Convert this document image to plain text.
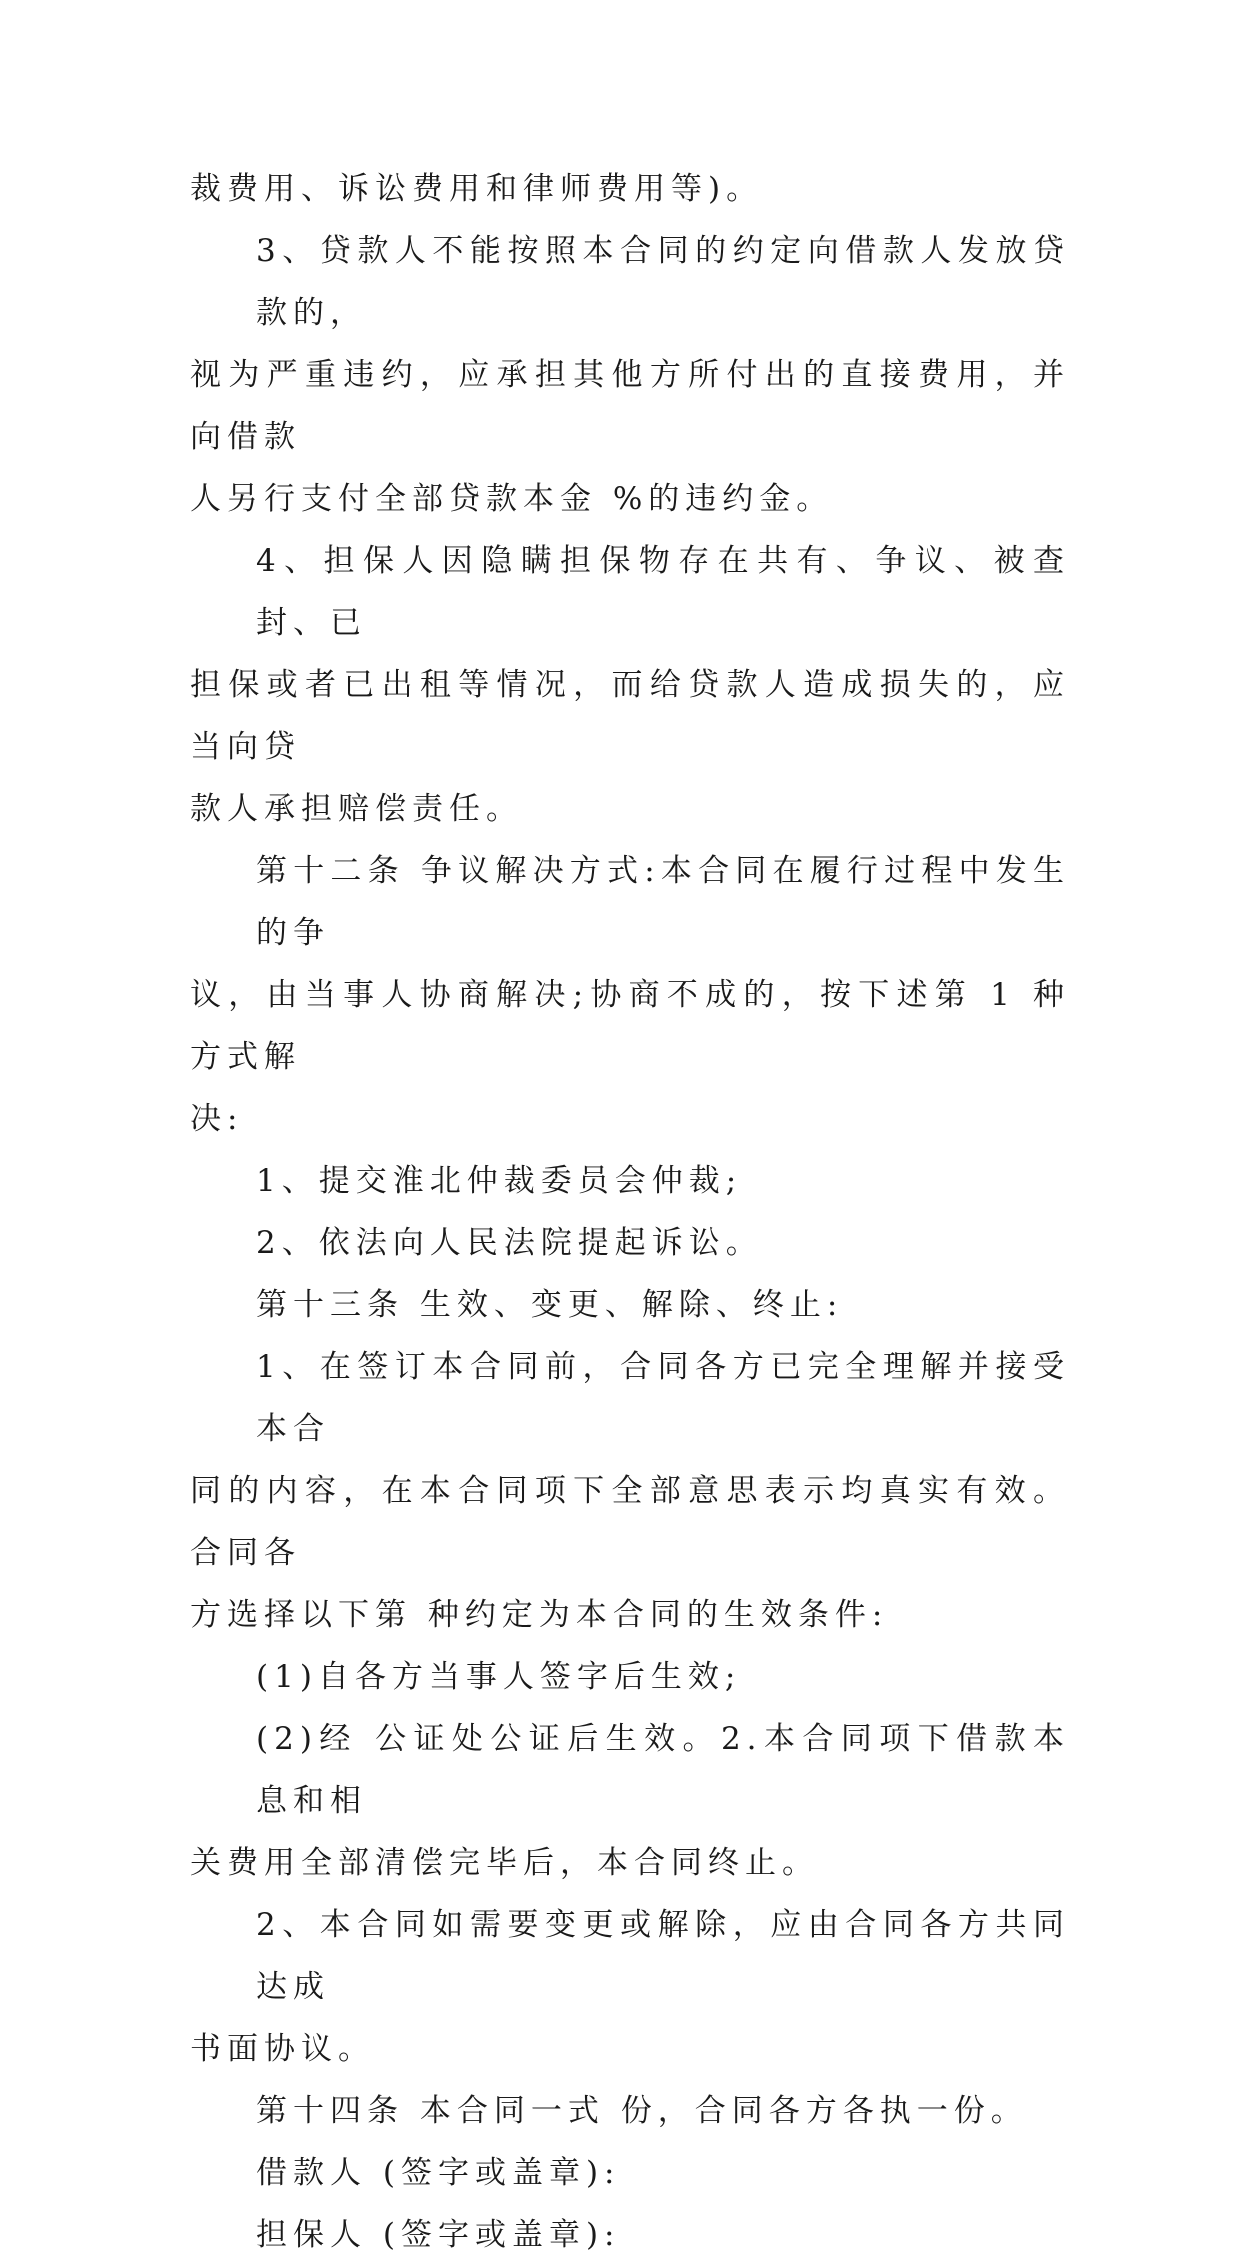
裁费用、诉讼费用和律师费用等)。

3、贷款人不能按照本合同的约定向借款人发放贷款的，
视为严重违约，应承担其他方所付出的直接费用，并向借款
人另行支付全部贷款本金 %的违约金。

4、担保人因隐瞒担保物存在共有、争议、被查封、已
担保或者已出租等情况，而给贷款人造成损失的，应当向贷
款人承担赔偿责任。

第十二条 争议解决方式:本合同在履行过程中发生的争
议，由当事人协商解决;协商不成的，按下述第 1 种方式解
决:

1、提交淮北仲裁委员会仲裁;

2、依法向人民法院提起诉讼。

第十三条 生效、变更、解除、终止:

1、在签订本合同前，合同各方已完全理解并接受本合
同的内容，在本合同项下全部意思表示均真实有效。合同各
方选择以下第 种约定为本合同的生效条件:

(1)自各方当事人签字后生效;

(2)经 公证处公证后生效。2.本合同项下借款本息和相
关费用全部清偿完毕后，本合同终止。

2、本合同如需要变更或解除，应由合同各方共同达成
书面协议。

第十四条 本合同一式 份，合同各方各执一份。

借款人 (签字或盖章):

担保人 (签字或盖章):
